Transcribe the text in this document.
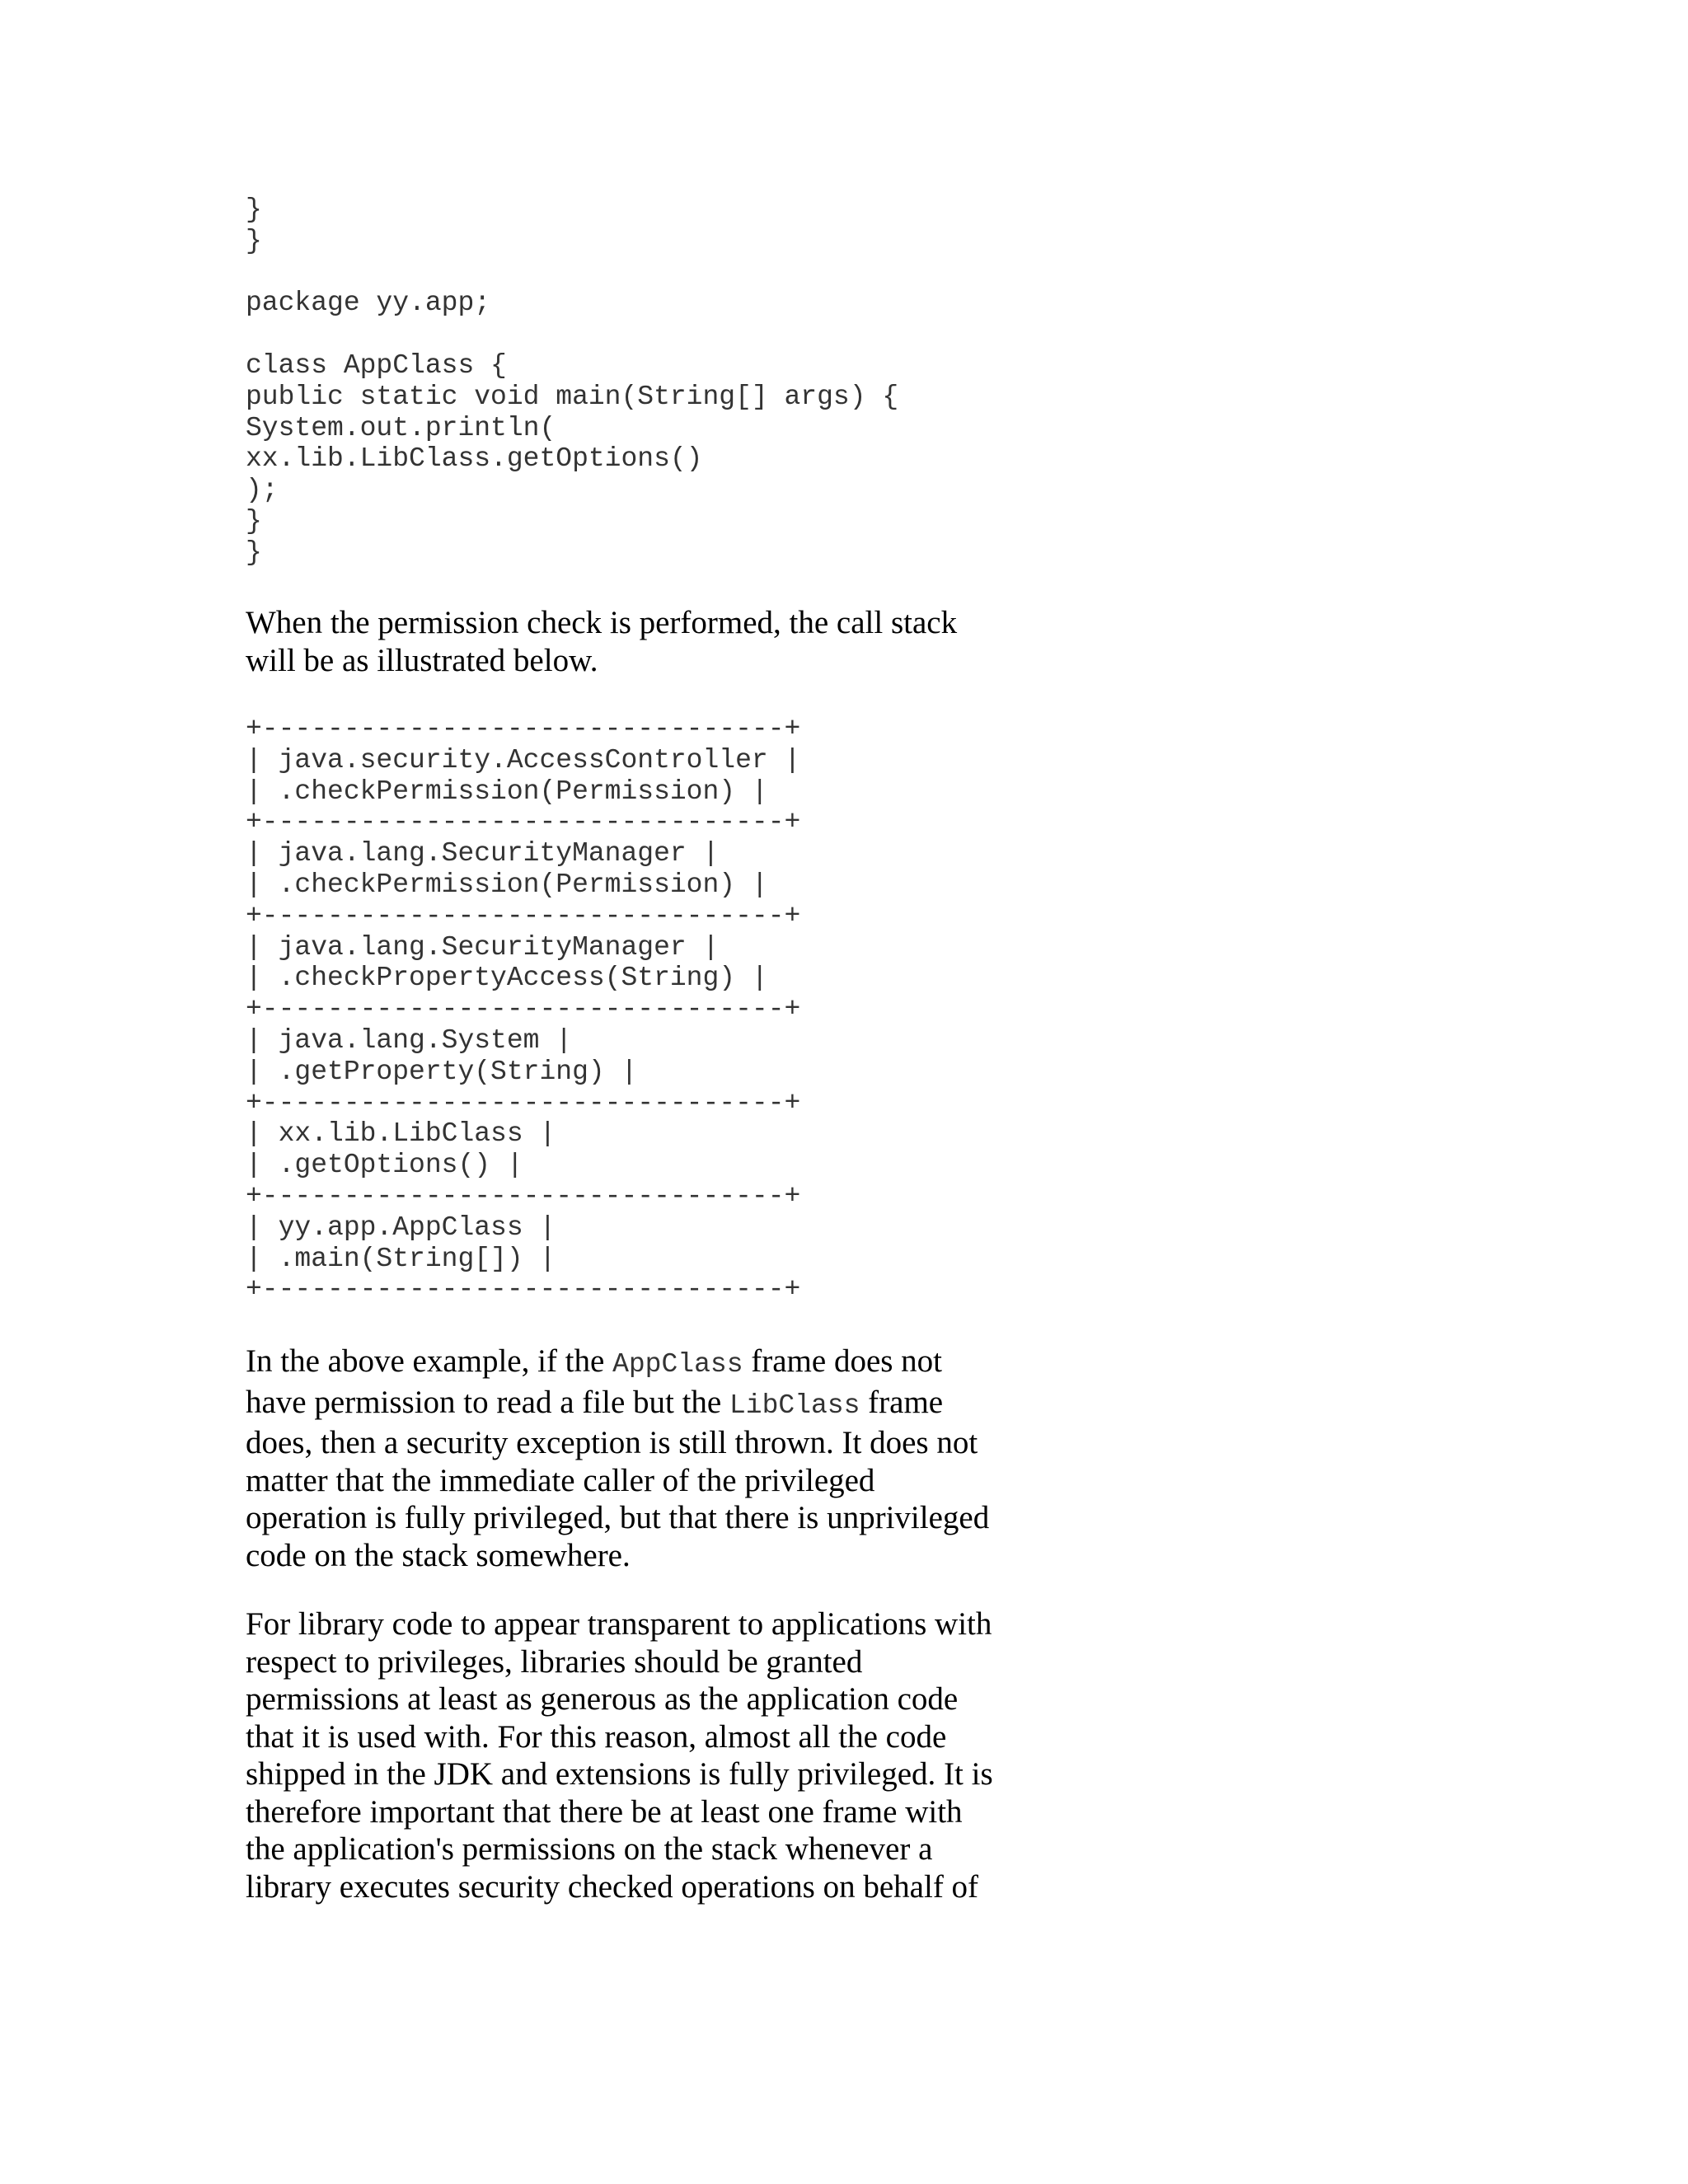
}
}

package yy.app;

class AppClass {
public static void main(String[] args) {
System.out.println(
xx.lib.LibClass.getOptions()
);
}
}
When the permission check is performed, the call stack
will be as illustrated below.
+--------------------------------+
| java.security.AccessController |
| .checkPermission(Permission) |
+--------------------------------+
| java.lang.SecurityManager |
| .checkPermission(Permission) |
+--------------------------------+
| java.lang.SecurityManager |
| .checkPropertyAccess(String) |
+--------------------------------+
| java.lang.System |
| .getProperty(String) |
+--------------------------------+
| xx.lib.LibClass |
| .getOptions() |
+--------------------------------+
| yy.app.AppClass |
| .main(String[]) |
+--------------------------------+
In the above example, if the AppClass frame does not
have permission to read a file but the LibClass frame
does, then a security exception is still thrown. It does not
matter that the immediate caller of the privileged
operation is fully privileged, but that there is unprivileged
code on the stack somewhere.
For library code to appear transparent to applications with
respect to privileges, libraries should be granted
permissions at least as generous as the application code
that it is used with. For this reason, almost all the code
shipped in the JDK and extensions is fully privileged. It is
therefore important that there be at least one frame with
the application's permissions on the stack whenever a
library executes security checked operations on behalf of
